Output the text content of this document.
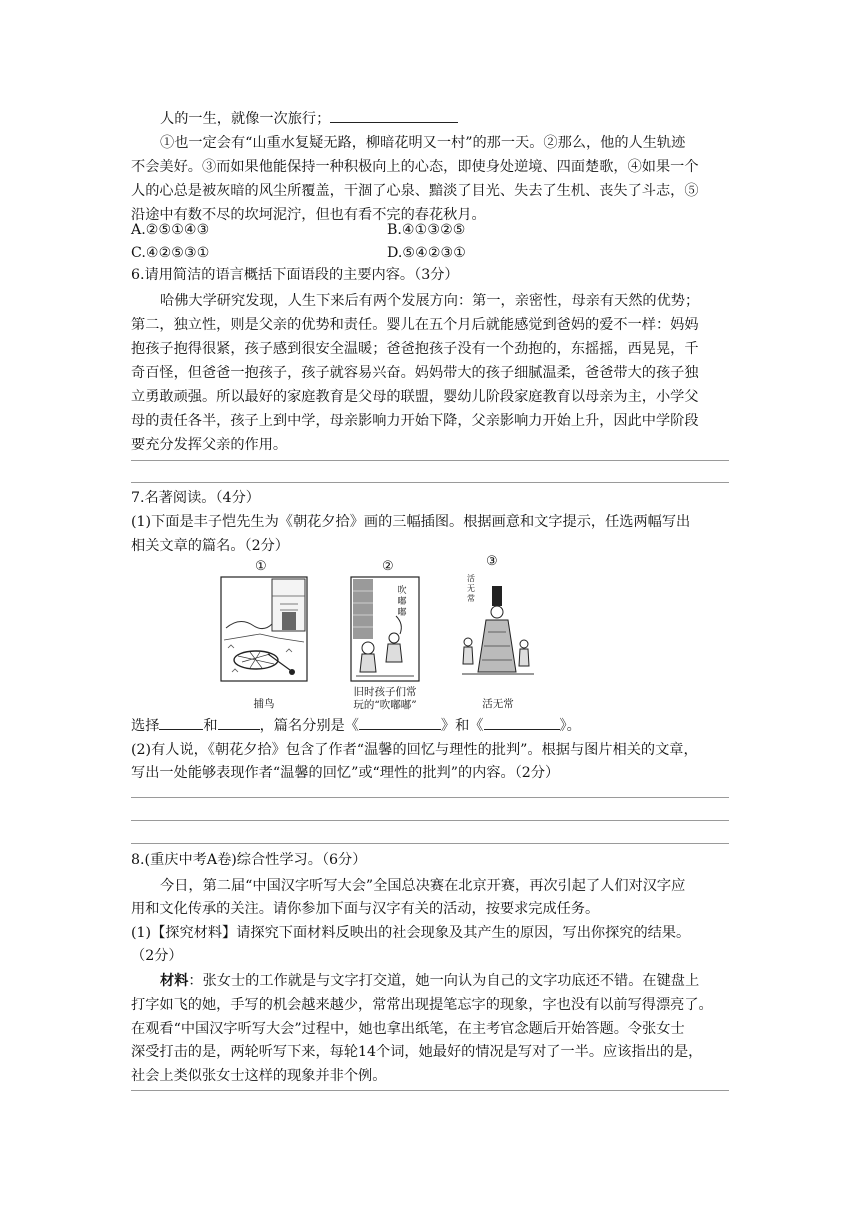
人的一生，就像一次旅行；
①也一定会有“山重水复疑无路，柳暗花明又一村”的那一天。②那么，他的人生轨迹
不会美好。③而如果他能保持一种积极向上的心态，即使身处逆境、四面楚歌，④如果一个
人的心总是被灰暗的风尘所覆盖，干涸了心泉、黯淡了目光、失去了生机、丧失了斗志，⑤
沿途中有数不尽的坎坷泥泞，但也有看不完的春花秋月。
A.②⑤①④③	B.④①③②⑤
C.④②⑤③①	D.⑤④②③①
6.请用简洁的语言概括下面语段的主要内容。（3分）
哈佛大学研究发现，人生下来后有两个发展方向：第一，亲密性，母亲有天然的优势；
第二，独立性，则是父亲的优势和责任。婴儿在五个月后就能感觉到爸妈的爱不一样：妈妈
抱孩子抱得很紧，孩子感到很安全温暖；爸爸抱孩子没有一个劲抱的，东摇摇，西晃晃，千
奇百怪，但爸爸一抱孩子，孩子就容易兴奋。妈妈带大的孩子细腻温柔，爸爸带大的孩子独
立勇敢顽强。所以最好的家庭教育是父母的联盟，婴幼儿阶段家庭教育以母亲为主，小学父
母的责任各半，孩子上到中学，母亲影响力开始下降，父亲影响力开始上升，因此中学阶段
要充分发挥父亲的作用。
7.名著阅读。（4分）
(1)下面是丰子恺先生为《朝花夕拾》画的三幅插图。根据画意和文字提示，任选两幅写出
相关文章的篇名。（2分）
①
捕鸟
②
吹嘟嘟
旧时孩子们常
玩的“吹嘟嘟”
③
活无常
活无常
选择	和	，篇名分别是《	》和《	》。
(2)有人说，《朝花夕拾》包含了作者“温馨的回忆与理性的批判”。根据与图片相关的文章，
写出一处能够表现作者“温馨的回忆”或“理性的批判”的内容。（2分）
8.(重庆中考A卷)综合性学习。（6分）
今日，第二届“中国汉字听写大会”全国总决赛在北京开赛，再次引起了人们对汉字应
用和文化传承的关注。请你参加下面与汉字有关的活动，按要求完成任务。
(1)【探究材料】请探究下面材料反映出的社会现象及其产生的原因，写出你探究的结果。
（2分）
材料：张女士的工作就是与文字打交道，她一向认为自己的文字功底还不错。在键盘上
打字如飞的她，手写的机会越来越少，常常出现提笔忘字的现象，字也没有以前写得漂亮了。
在观看“中国汉字听写大会”过程中，她也拿出纸笔，在主考官念题后开始答题。令张女士
深受打击的是，两轮听写下来，每轮14个词，她最好的情况是写对了一半。应该指出的是，
社会上类似张女士这样的现象并非个例。
